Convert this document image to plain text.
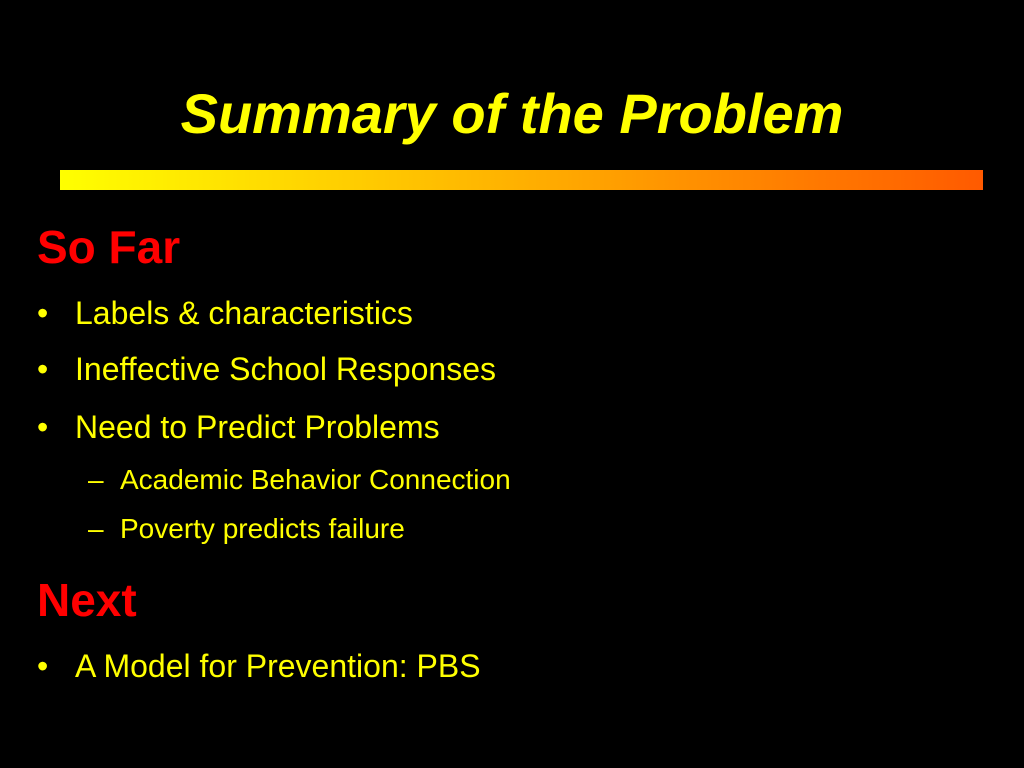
Summary of the Problem
So Far
• Labels & characteristics
• Ineffective School Responses
• Need to Predict Problems
– Academic Behavior Connection
– Poverty predicts failure
Next
• A Model for Prevention: PBS
